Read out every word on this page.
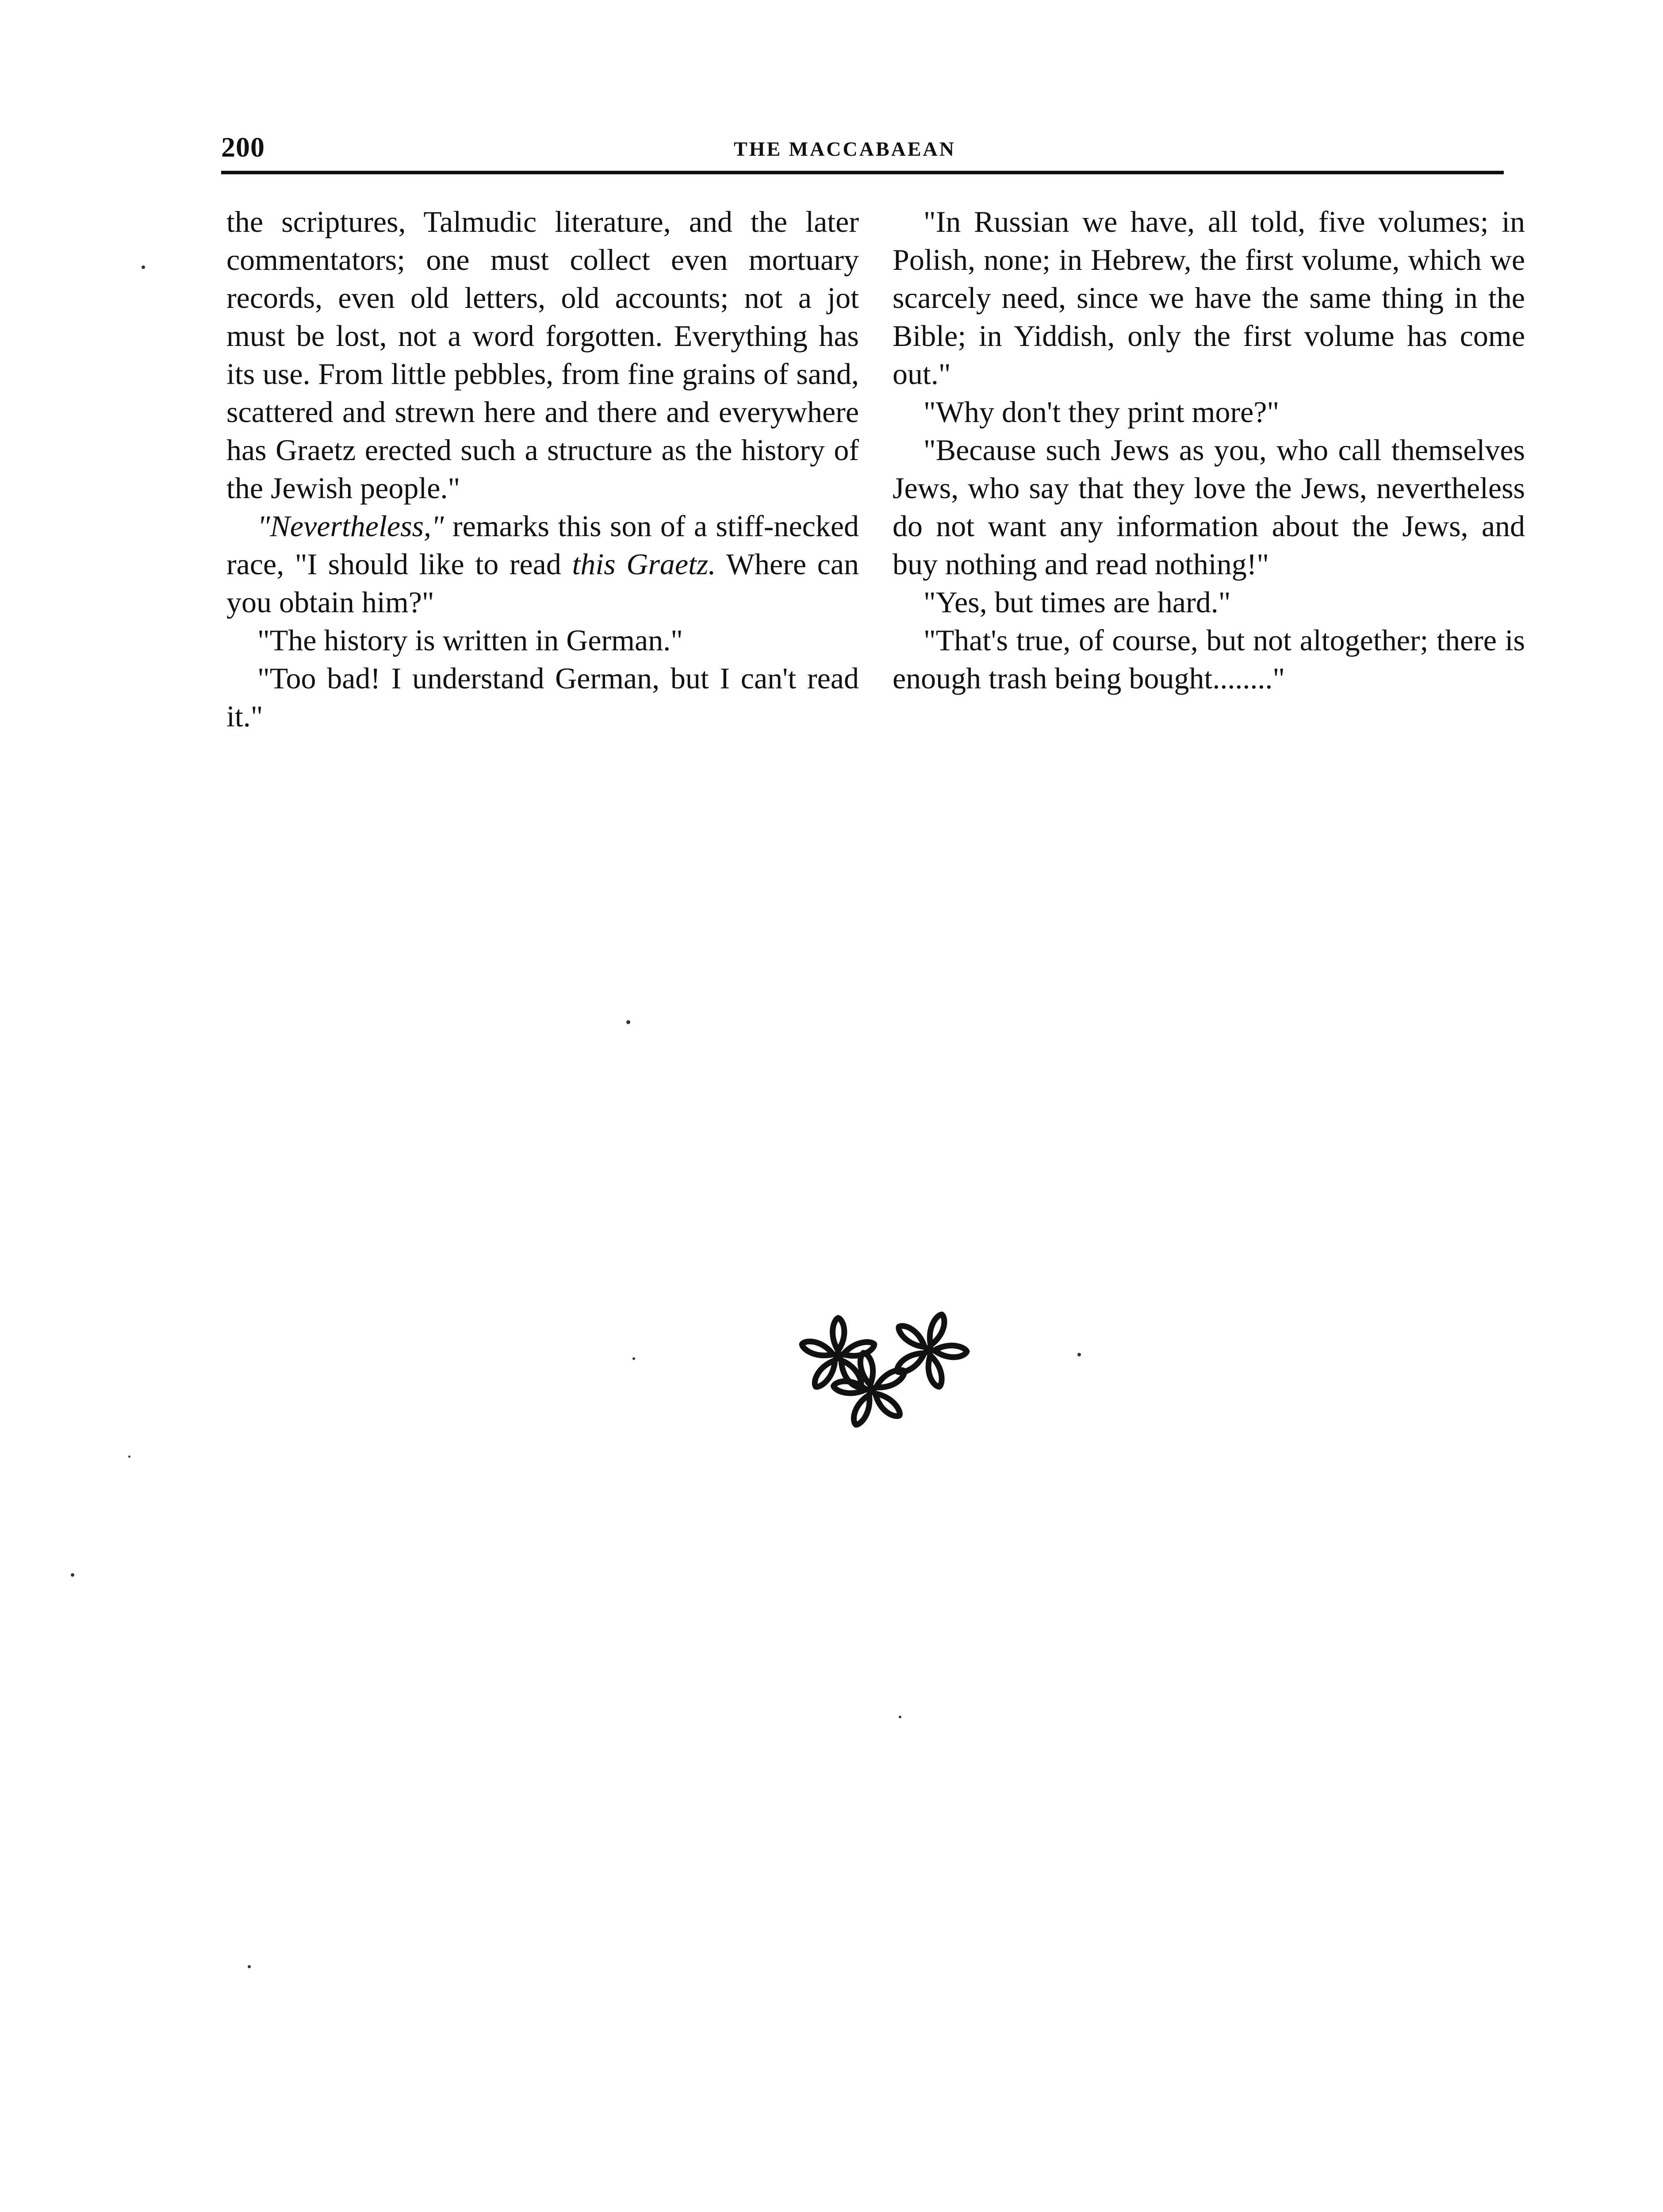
200	THE MACCABAEAN

the scriptures, Talmudic literature, and the later commentators; one must collect even mortuary records, even old letters, old accounts; not a jot must be lost, not a word forgotten. Everything has its use. From little pebbles, from fine grains of sand, scattered and strewn here and there and everywhere has Graetz erected such a structure as the history of the Jewish people."

"Nevertheless," remarks this son of a stiff-necked race, "I should like to read this Graetz. Where can you obtain him?"

"The history is written in German."

"Too bad! I understand German, but I can't read it."

"In Russian we have, all told, five volumes; in Polish, none; in Hebrew, the first volume, which we scarcely need, since we have the same thing in the Bible; in Yiddish, only the first volume has come out."

"Why don't they print more?"

"Because such Jews as you, who call themselves Jews, who say that they love the Jews, nevertheless do not want any information about the Jews, and buy nothing and read nothing!"

"Yes, but times are hard."

"That's true, of course, but not altogether; there is enough trash being bought........"
